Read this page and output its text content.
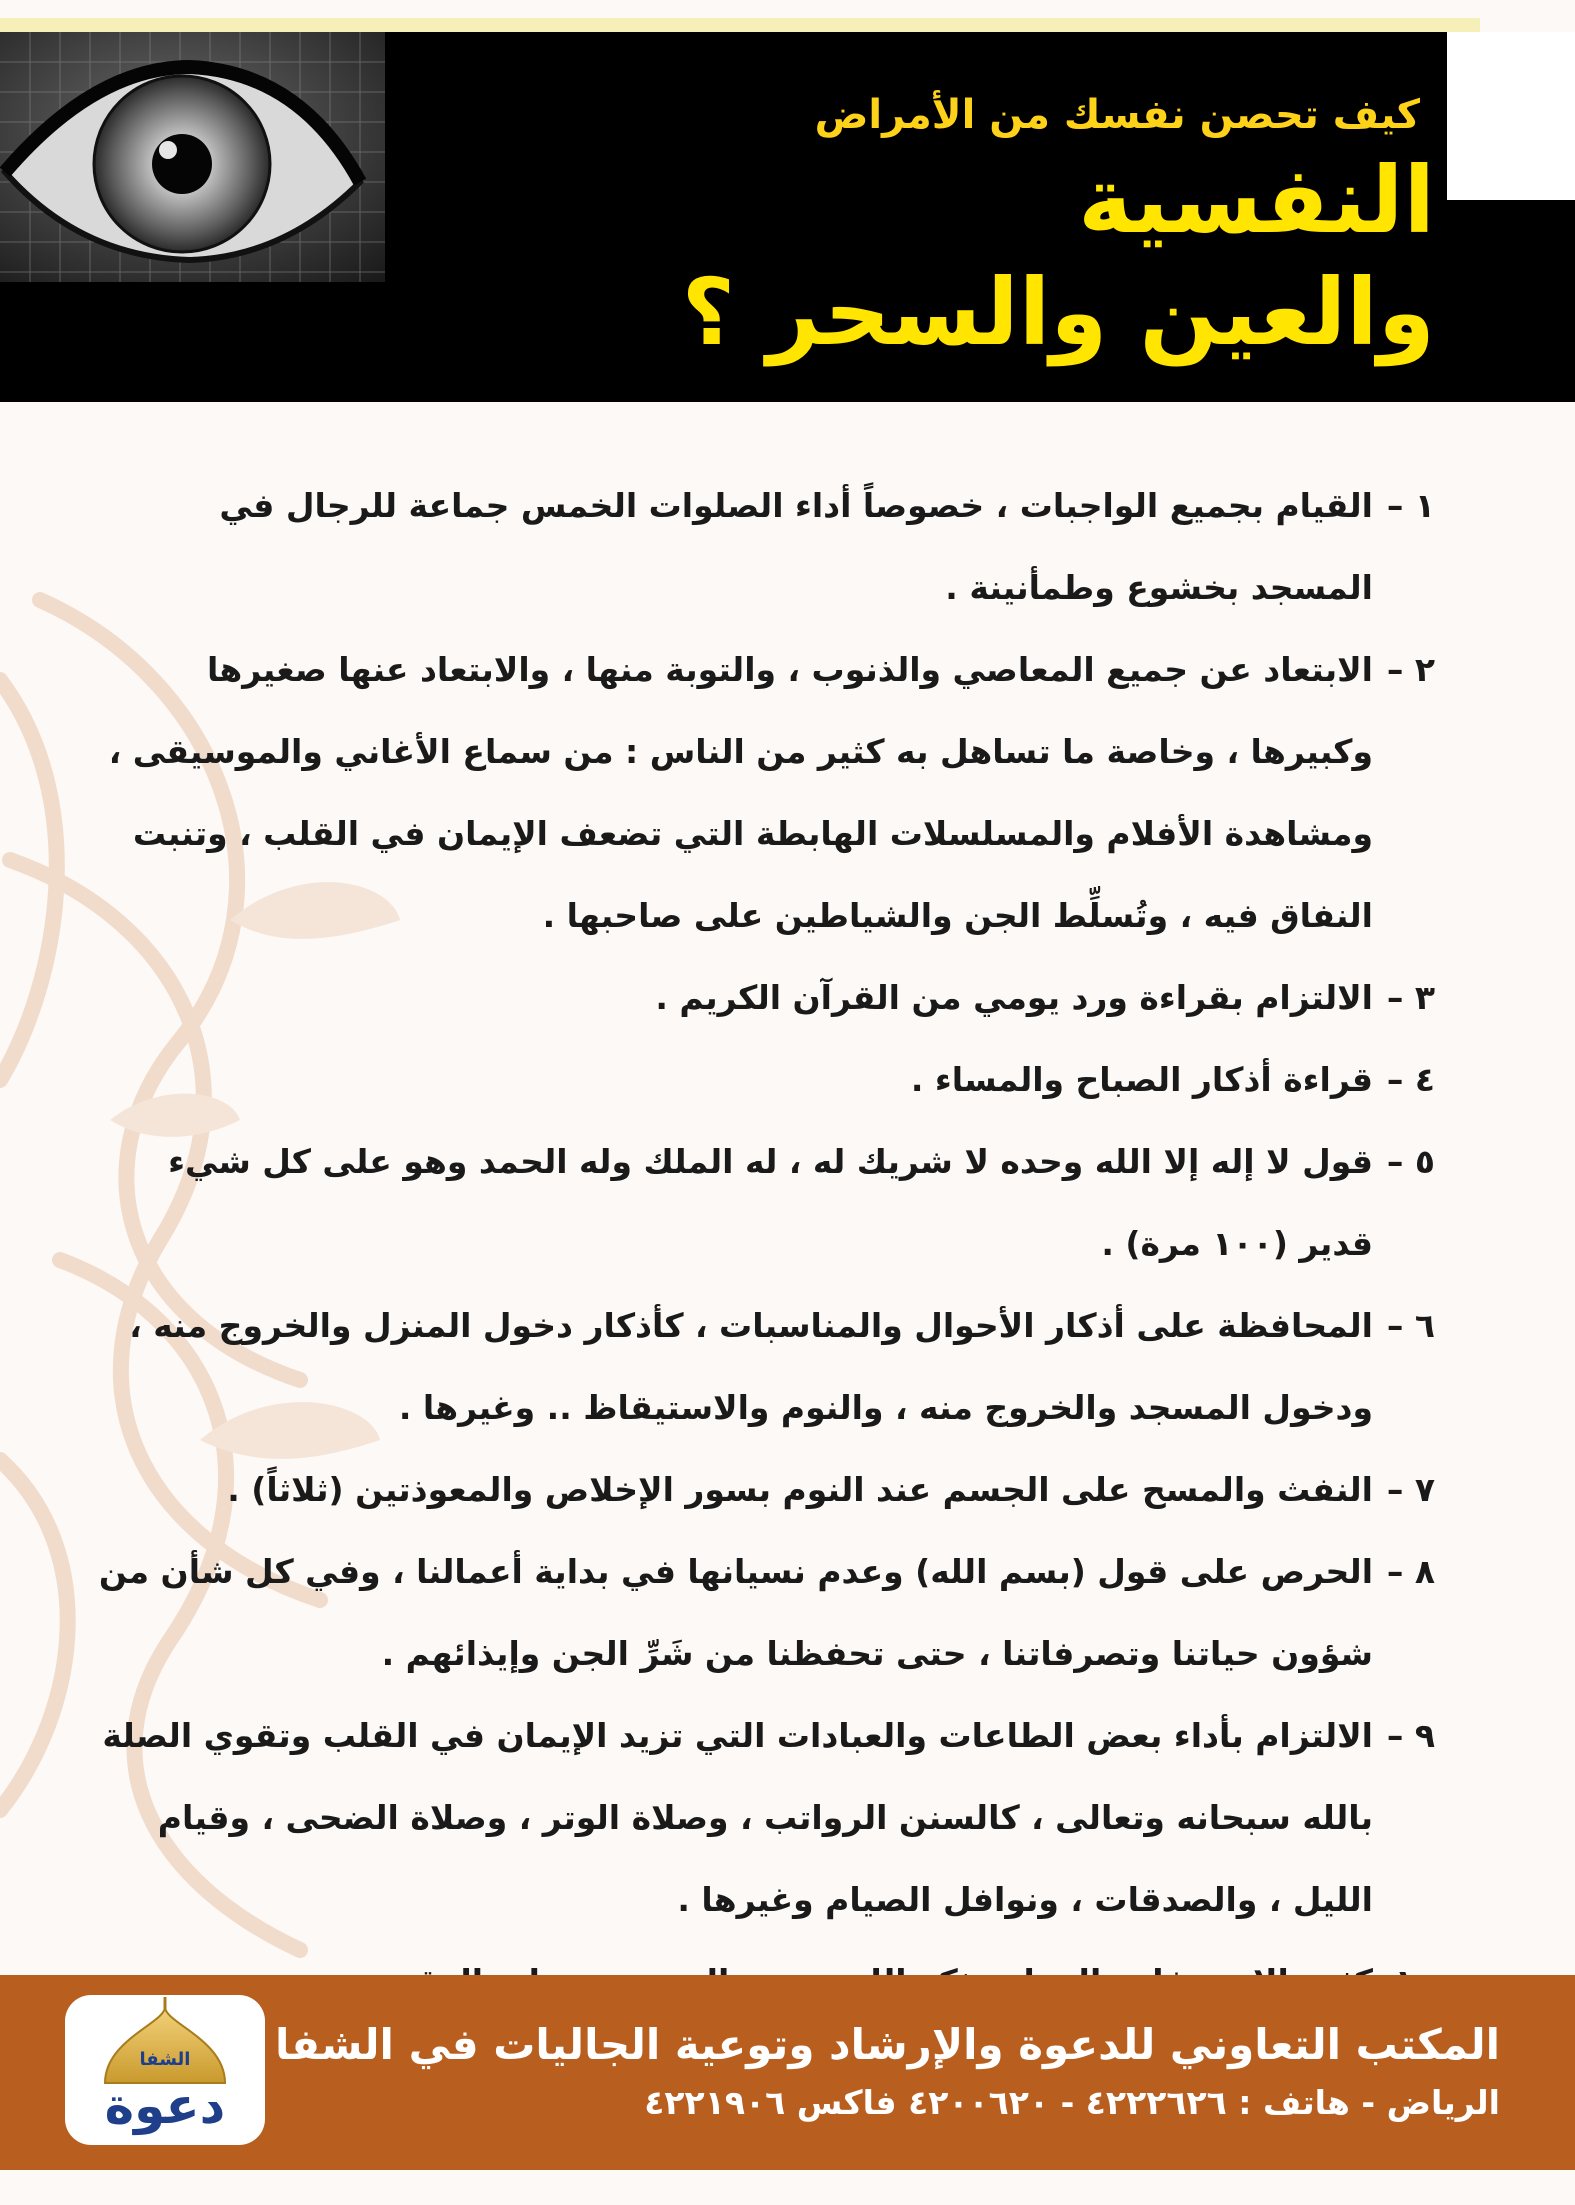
كيف تحصن نفسك من الأمراض
النفسية
والعين والسحر ؟

١ –
القيام بجميع الواجبات ، خصوصاً أداء الصلوات الخمس جماعة للرجال في المسجد بخشوع وطمأنينة .

٢ –
الابتعاد عن جميع المعاصي والذنوب ، والتوبة منها ، والابتعاد عنها صغيرها وكبيرها ، وخاصة ما تساهل به كثير من الناس : من سماع الأغاني والموسيقى ، ومشاهدة الأفلام والمسلسلات الهابطة التي تضعف الإيمان في القلب ، وتنبت النفاق فيه ، وتُسلِّط الجن والشياطين على صاحبها .

٣ –
الالتزام بقراءة ورد يومي من القرآن الكريم .

٤ –
قراءة أذكار الصباح والمساء .

٥ –
قول لا إله إلا الله وحده لا شريك له ، له الملك وله الحمد وهو على كل شيء قدير (١٠٠ مرة) .

٦ –
المحافظة على أذكار الأحوال والمناسبات ، كأذكار دخول المنزل والخروج منه ، ودخول المسجد والخروج منه ، والنوم والاستيقاظ .. وغيرها .

٧ –
النفث والمسح على الجسم عند النوم بسور الإخلاص والمعوذتين (ثلاثاً) .

٨ –
الحرص على قول (بسم الله) وعدم نسيانها في بداية أعمالنا ، وفي كل شأن من شؤون حياتنا وتصرفاتنا ، حتى تحفظنا من شَرِّ الجن وإيذائهم .

٩ –
الالتزام بأداء بعض الطاعات والعبادات التي تزيد الإيمان في القلب وتقوي الصلة بالله سبحانه وتعالى ، كالسنن الرواتب ، وصلاة الوتر ، وصلاة الضحى ، وقيام الليل ، والصدقات ، ونوافل الصيام وغيرها .

المكتب التعاوني للدعوة والإرشاد وتوعية الجاليات في الشفا
الرياض - هاتف : ٤٢٢٢٦٢٦ - ٤٢٠٠٦٢٠ فاكس ٤٢٢١٩٠٦
الشفا
دعوة
